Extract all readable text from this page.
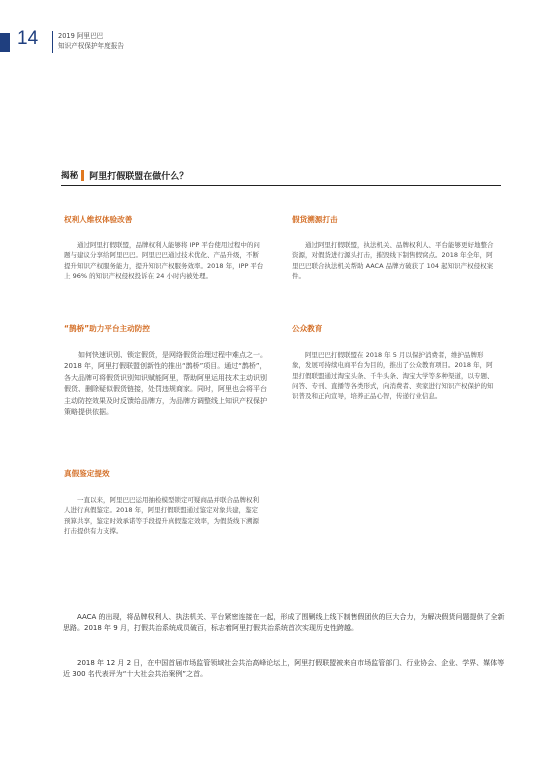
14	2019 阿里巴巴
知识产权保护年度报告
揭秘 阿里打假联盟在做什么？
权利人维权体验改善

通过阿里打假联盟，品牌权利人能够将 IPP 平台使用过程中的问题与建议分享给阿里巴巴。阿里巴巴通过技术优化、产品升级，不断提升知识产权服务能力，提升知识产权服务效率。2018 年，IPP 平台上 96% 的知识产权侵权投诉在 24 小时内被处理。

“鹊桥”助力平台主动防控

如何快速识别、锁定假货，是网络假货治理过程中难点之一。2018 年，阿里打假联盟创新性的推出“鹊桥”项目。通过“鹊桥”，各大品牌可将假货识别知识赋能阿里，帮助阿里运用技术主动识别假货、删除疑似假货链接，处罚违规商家。同时，阿里也会将平台主动防控效果及时反馈给品牌方，为品牌方调整线上知识产权保护策略提供依据。

真假鉴定提效

一直以来，阿里巴巴运用抽检模型锁定可疑商品并联合品牌权利人进行真假鉴定。2018 年，阿里打假联盟通过鉴定对象共建，鉴定预算共享，鉴定时效承诺等手段提升真假鉴定效率，为假货线下溯源打击提供有力支撑。

假货溯源打击

通过阿里打假联盟，执法机关、品牌权利人、平台能够更好地整合资源，对假货进行源头打击，摧毁线下制售假窝点。2018 年全年，阿里巴巴联合执法机关帮助 AACA 品牌方破获了 104 起知识产权侵权案件。

公众教育

阿里巴巴打假联盟在 2018 年 5 月以保护消费者，维护品牌形象，发展可持续电商平台为目的，推出了公众教育项目。2018 年，阿里打假联盟通过淘宝头条、千牛头条、淘宝大学等多种渠道，以专题、问答、专刊、直播等各类形式，向消费者、卖家进行知识产权保护的知识普及和正向宣导，培养正品心智，传递行业信息。

AACA 的出现，将品牌权利人、执法机关、平台紧密连接在一起，形成了围剿线上线下制售假团伙的巨大合力，为解决假货问题提供了全新思路。2018 年 9 月，打假共治系统成员破百，标志着阿里打假共治系统首次实现历史性跨越。

2018 年 12 月 2 日，在中国首届市场监管领域社会共治高峰论坛上，阿里打假联盟被来自市场监管部门、行业协会、企业、学界、媒体等近 300 名代表评为“十大社会共治案例”之首。
